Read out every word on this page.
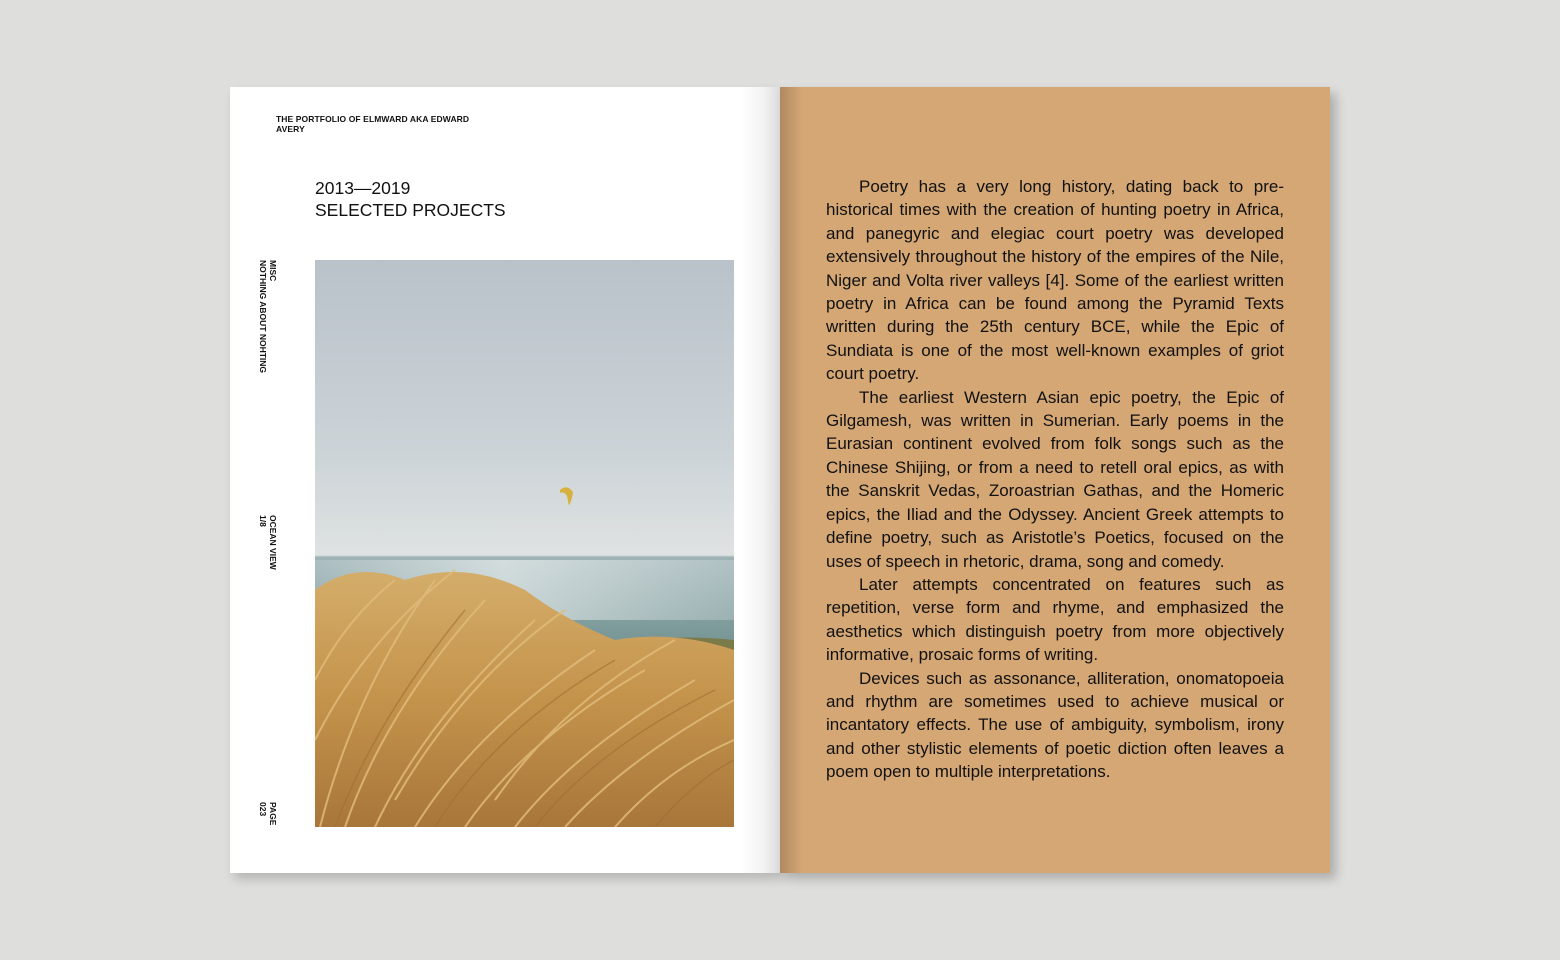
THE PORTFOLIO OF ELMWARD AKA EDWARD AVERY
2013—2019
SELECTED PROJECTS
MISC
NOTHING ABOUT NOHTING
OCEAN VIEW
1/8
PAGE
023

Poetry has a very long history, dating back to pre-historical times with the creation of hunting poetry in Africa, and panegyric and elegiac court poetry was developed extensively throughout the history of the empires of the Nile, Niger and Volta river valleys [4]. Some of the earliest written poetry in Africa can be found among the Pyramid Texts written during the 25th century BCE, while the Epic of Sundiata is one of the most well-known examples of griot court poetry.

The earliest Western Asian epic poetry, the Epic of Gilgamesh, was written in Sumerian. Early poems in the Eurasian continent evolved from folk songs such as the Chinese Shijing, or from a need to retell oral epics, as with the Sanskrit Vedas, Zoroastrian Gathas, and the Homeric epics, the Iliad and the Odyssey. Ancient Greek attempts to define poetry, such as Aristotle’s Poetics, focused on the uses of speech in rhetoric, drama, song and comedy.

Later attempts concentrated on features such as repetition, verse form and rhyme, and emphasized the aesthetics which distinguish poetry from more objectively informative, prosaic forms of writing.

Devices such as assonance, alliteration, onomatopoeia and rhythm are sometimes used to achieve musical or incantatory effects. The use of ambiguity, symbolism, irony and other stylistic elements of poetic diction often leaves a poem open to multiple interpretations.
